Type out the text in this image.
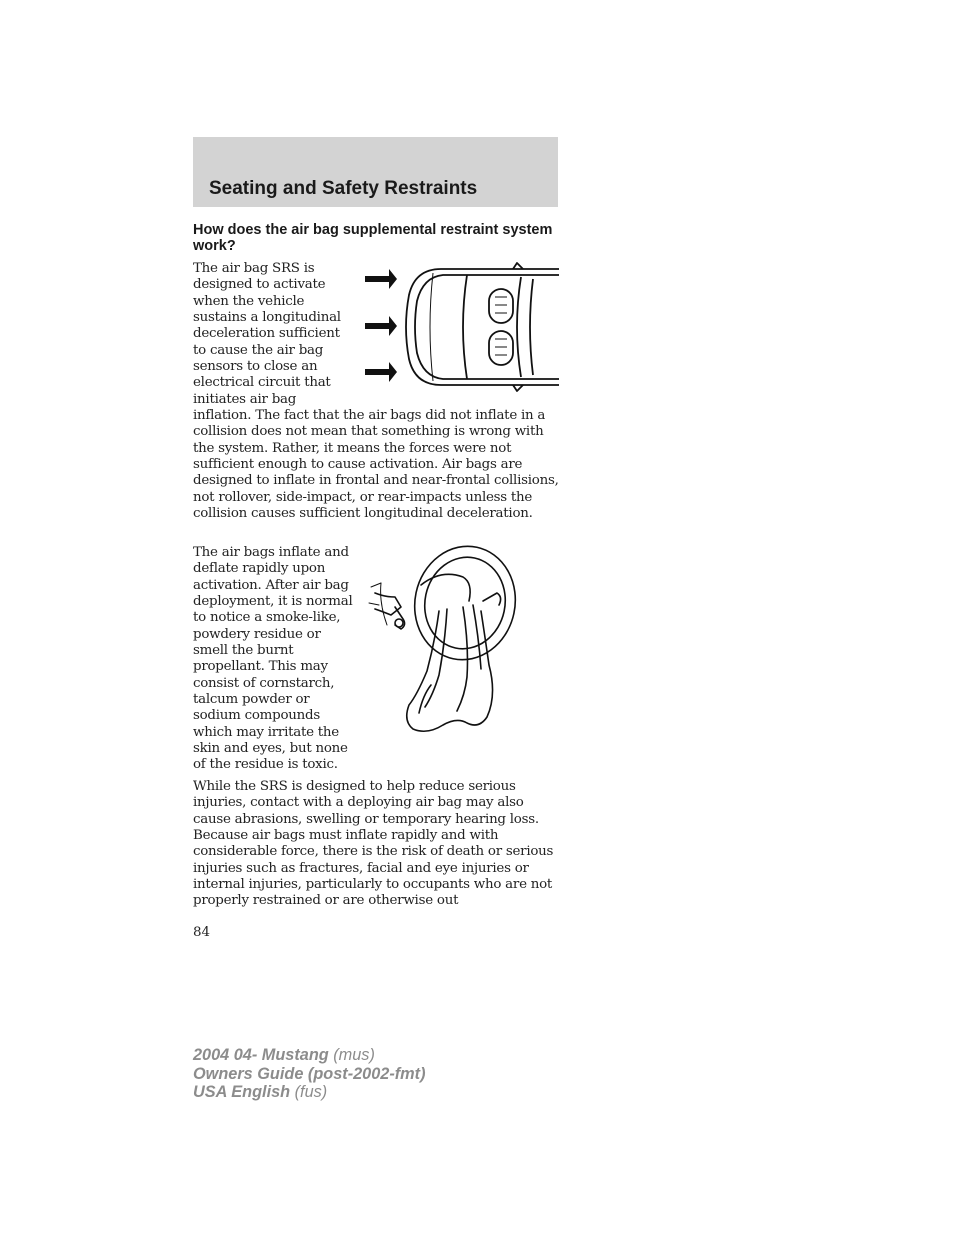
Seating and Safety Restraints
How does the air bag supplemental restraint system work?
The air bag SRS is designed to activate when the vehicle sustains a longitudinal deceleration sufficient to cause the air bag sensors to close an electrical circuit that initiates air bag inflation. The fact that the air bags did not inflate in a collision does not mean that something is wrong with the system. Rather, it means the forces were not sufficient enough to cause activation. Air bags are designed to inflate in frontal and near-frontal collisions, not rollover, side-impact, or rear-impacts unless the collision causes sufficient longitudinal deceleration.
The air bags inflate and deflate rapidly upon activation. After air bag deployment, it is normal to notice a smoke-like, powdery residue or smell the burnt propellant. This may consist of cornstarch, talcum powder or sodium compounds which may irritate the skin and eyes, but none of the residue is toxic.
While the SRS is designed to help reduce serious injuries, contact with a deploying air bag may also cause abrasions, swelling or temporary hearing loss. Because air bags must inflate rapidly and with considerable force, there is the risk of death or serious injuries such as fractures, facial and eye injuries or internal injuries, particularly to occupants who are not properly restrained or are otherwise out

84

2004 04- Mustang (mus)
Owners Guide (post-2002-fmt)
USA English (fus)
